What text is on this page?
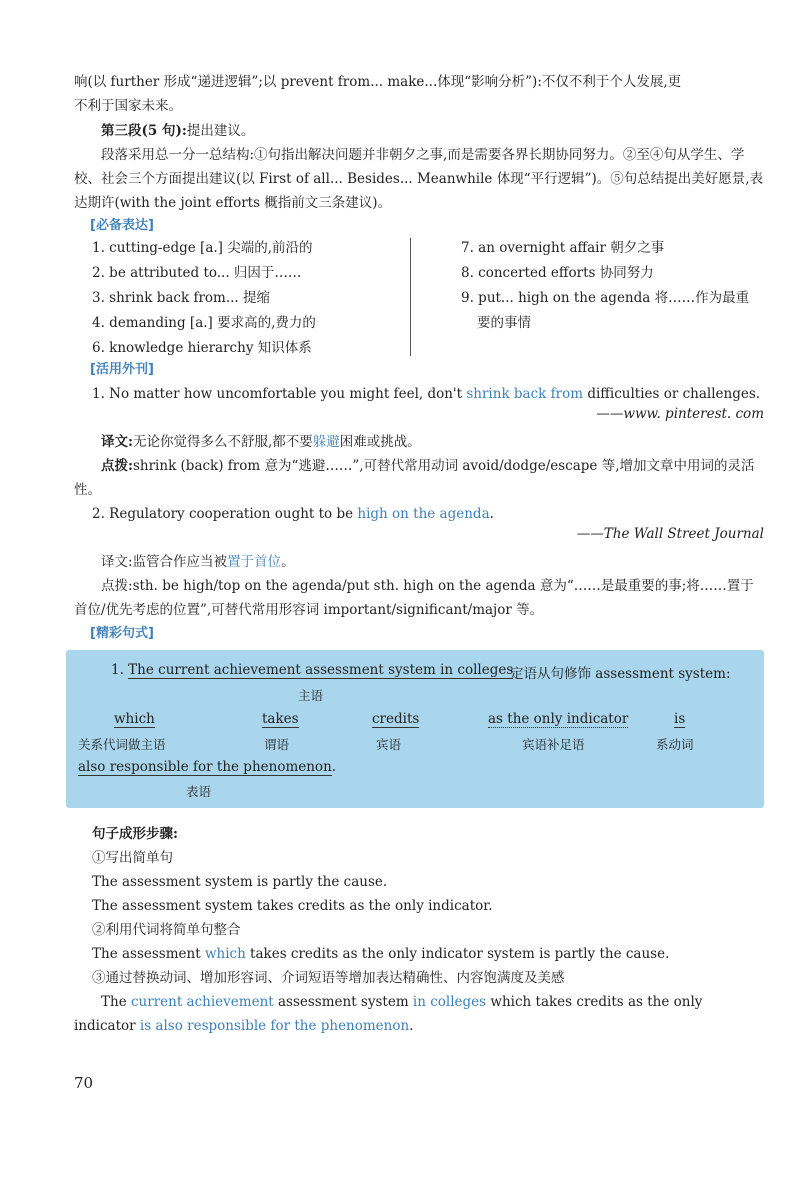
响(以 further 形成“递进逻辑”;以 prevent from... make...体现“影响分析”):不仅不利于个人发展,更
不利于国家未来。

第三段(5 句):提出建议。

段落采用总一分一总结构:①句指出解决问题并非朝夕之事,而是需要各界长期协同努力。②至④句从学生、学校、社会三个方面提出建议(以 First of all... Besides... Meanwhile 体现“平行逻辑”)。⑤句总结提出美好愿景,表达期许(with the joint efforts 概指前文三条建议)。

[必备表达]
1. cutting-edge [a.] 尖端的,前沿的
2. be attributed to... 归因于……
3. shrink back from... 提缩
4. demanding [a.] 要求高的,费力的
6. knowledge hierarchy 知识体系
7. an overnight affair 朝夕之事
8. concerted efforts 协同努力
9. put... high on the agenda 将……作为最重
要的事情
[活用外刊]

1. No matter how uncomfortable you might feel, don't shrink back from difficulties or challenges.

——www. pinterest. com

译文:无论你觉得多么不舒服,都不要躲避困难或挑战。

点拨:shrink (back) from 意为“逃避……”,可替代常用动词 avoid/dodge/escape 等,增加文章中用词的灵活性。

2. Regulatory cooperation ought to be high on the agenda.

——The Wall Street Journal

译文:监管合作应当被置于首位。

点拨:sth. be high/top on the agenda/put sth. high on the agenda 意为“……是最重要的事;将……置于首位/优先考虑的位置”,可替代常用形容词 important/significant/major 等。

[精彩句式]
1. The current achievement assessment system in colleges
定语从句修饰 assessment system:
主语
which	takes	credits	as the only indicator	is
关系代词做主语	谓语	宾语	宾语补足语	系动词
also responsible for the phenomenon.
表语
句子成形步骤:
①写出简单句
The assessment system is partly the cause.
The assessment system takes credits as the only indicator.
②利用代词将简单句整合
The assessment which takes credits as the only indicator system is partly the cause.
③通过替换动词、增加形容词、介词短语等增加表达精确性、内容饱满度及美感

The current achievement assessment system in colleges which takes credits as the only indicator is also responsible for the phenomenon.

70
